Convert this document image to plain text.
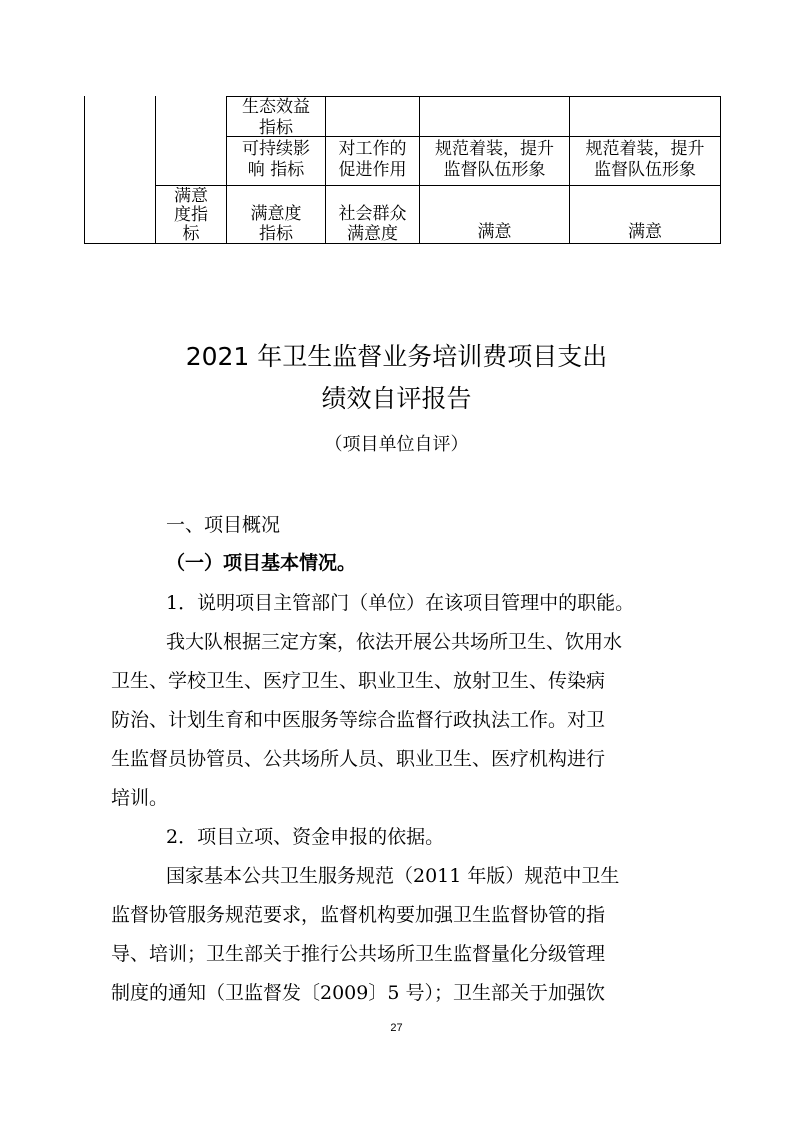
生态效益
指标
可持续影
响 指标
对工作的
促进作用
规范着装，提升
监督队伍形象
规范着装，提升
监督队伍形象
满意
度指
标
满意度
指标
社会群众
满意度	满意	满意
2021 年卫生监督业务培训费项目支出
绩效自评报告
（项目单位自评）
一、项目概况
（一）项目基本情况。
1．说明项目主管部门（单位）在该项目管理中的职能。
我大队根据三定方案，依法开展公共场所卫生、饮用水
卫生、学校卫生、医疗卫生、职业卫生、放射卫生、传染病
防治、计划生育和中医服务等综合监督行政执法工作。对卫
生监督员协管员、公共场所人员、职业卫生、医疗机构进行
培训。
2．项目立项、资金申报的依据。
国家基本公共卫生服务规范（2011 年版）规范中卫生
监督协管服务规范要求，监督机构要加强卫生监督协管的指
导、培训；卫生部关于推行公共场所卫生监督量化分级管理
制度的通知（卫监督发〔2009〕5 号）；卫生部关于加强饮
27
